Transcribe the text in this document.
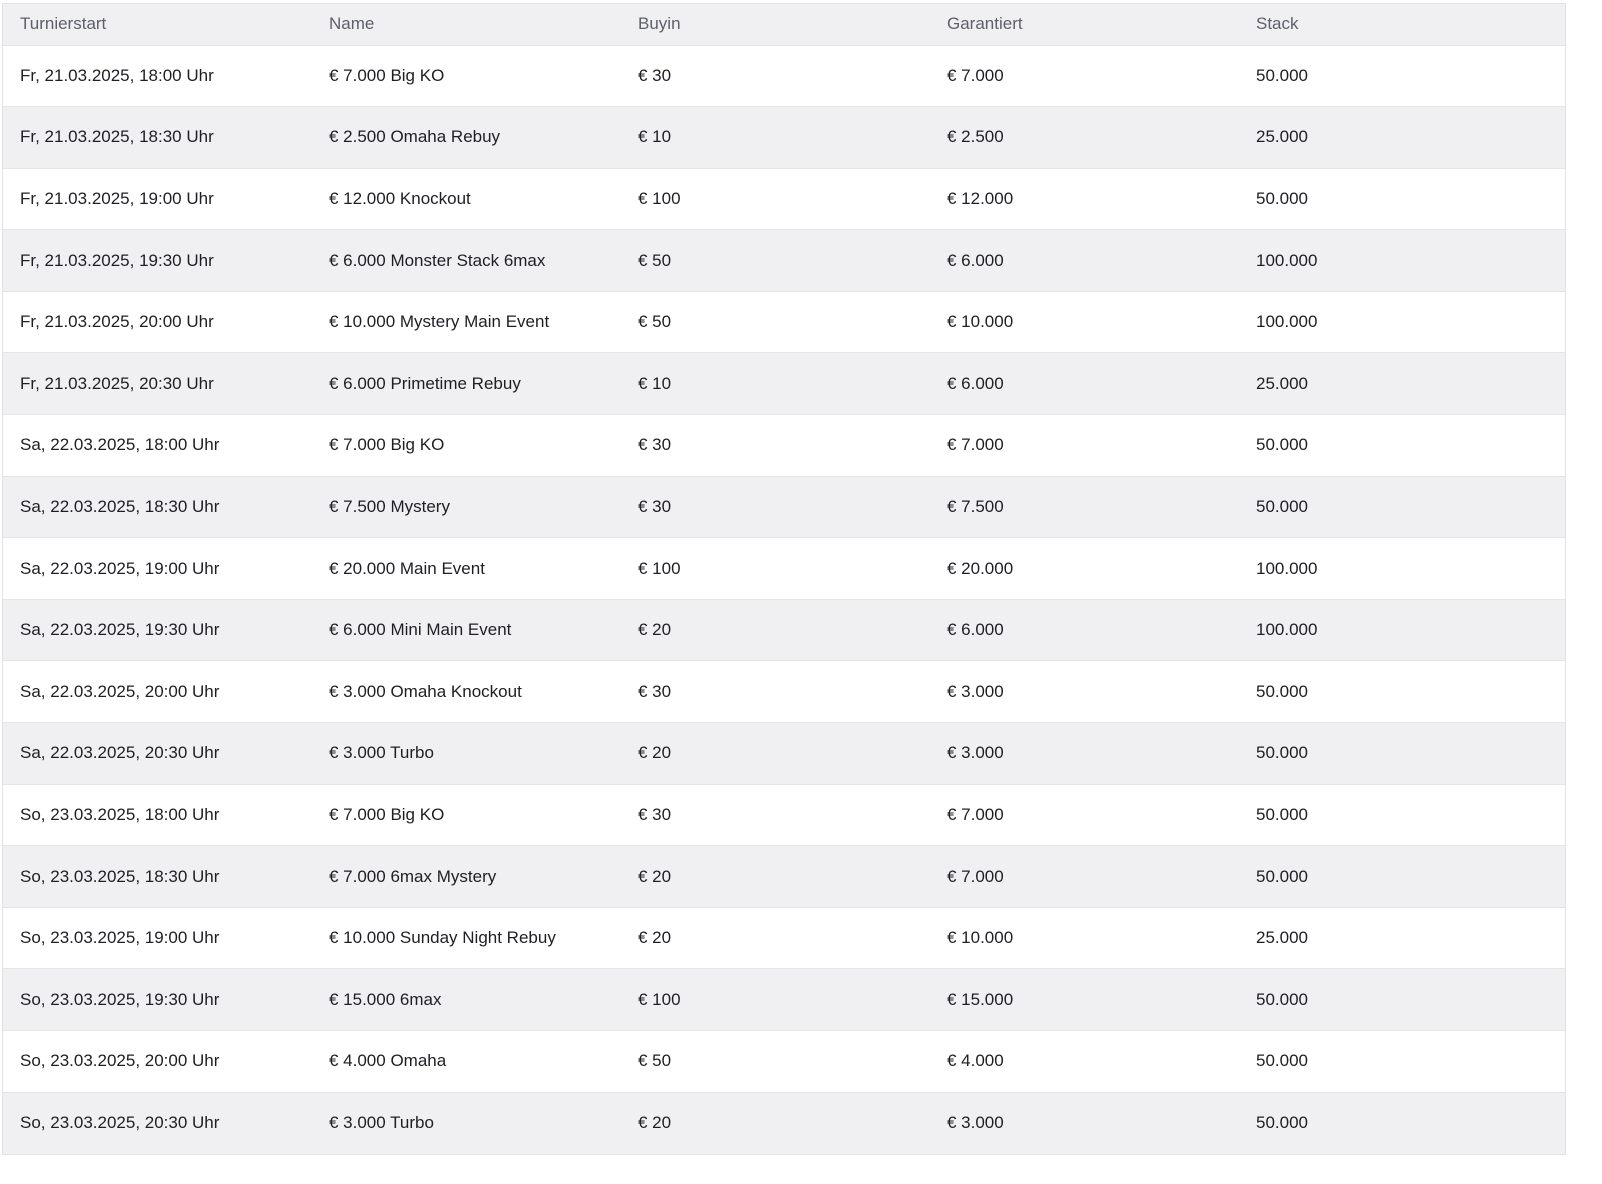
Turnierstart	Name	Buyin	Garantiert	Stack
Fr, 21.03.2025, 18:00 Uhr	€ 7.000 Big KO	€ 30	€ 7.000	50.000
Fr, 21.03.2025, 18:30 Uhr	€ 2.500 Omaha Rebuy	€ 10	€ 2.500	25.000
Fr, 21.03.2025, 19:00 Uhr	€ 12.000 Knockout	€ 100	€ 12.000	50.000
Fr, 21.03.2025, 19:30 Uhr	€ 6.000 Monster Stack 6max	€ 50	€ 6.000	100.000
Fr, 21.03.2025, 20:00 Uhr	€ 10.000 Mystery Main Event	€ 50	€ 10.000	100.000
Fr, 21.03.2025, 20:30 Uhr	€ 6.000 Primetime Rebuy	€ 10	€ 6.000	25.000
Sa, 22.03.2025, 18:00 Uhr	€ 7.000 Big KO	€ 30	€ 7.000	50.000
Sa, 22.03.2025, 18:30 Uhr	€ 7.500 Mystery	€ 30	€ 7.500	50.000
Sa, 22.03.2025, 19:00 Uhr	€ 20.000 Main Event	€ 100	€ 20.000	100.000
Sa, 22.03.2025, 19:30 Uhr	€ 6.000 Mini Main Event	€ 20	€ 6.000	100.000
Sa, 22.03.2025, 20:00 Uhr	€ 3.000 Omaha Knockout	€ 30	€ 3.000	50.000
Sa, 22.03.2025, 20:30 Uhr	€ 3.000 Turbo	€ 20	€ 3.000	50.000
So, 23.03.2025, 18:00 Uhr	€ 7.000 Big KO	€ 30	€ 7.000	50.000
So, 23.03.2025, 18:30 Uhr	€ 7.000 6max Mystery	€ 20	€ 7.000	50.000
So, 23.03.2025, 19:00 Uhr	€ 10.000 Sunday Night Rebuy	€ 20	€ 10.000	25.000
So, 23.03.2025, 19:30 Uhr	€ 15.000 6max	€ 100	€ 15.000	50.000
So, 23.03.2025, 20:00 Uhr	€ 4.000 Omaha	€ 50	€ 4.000	50.000
So, 23.03.2025, 20:30 Uhr	€ 3.000 Turbo	€ 20	€ 3.000	50.000
